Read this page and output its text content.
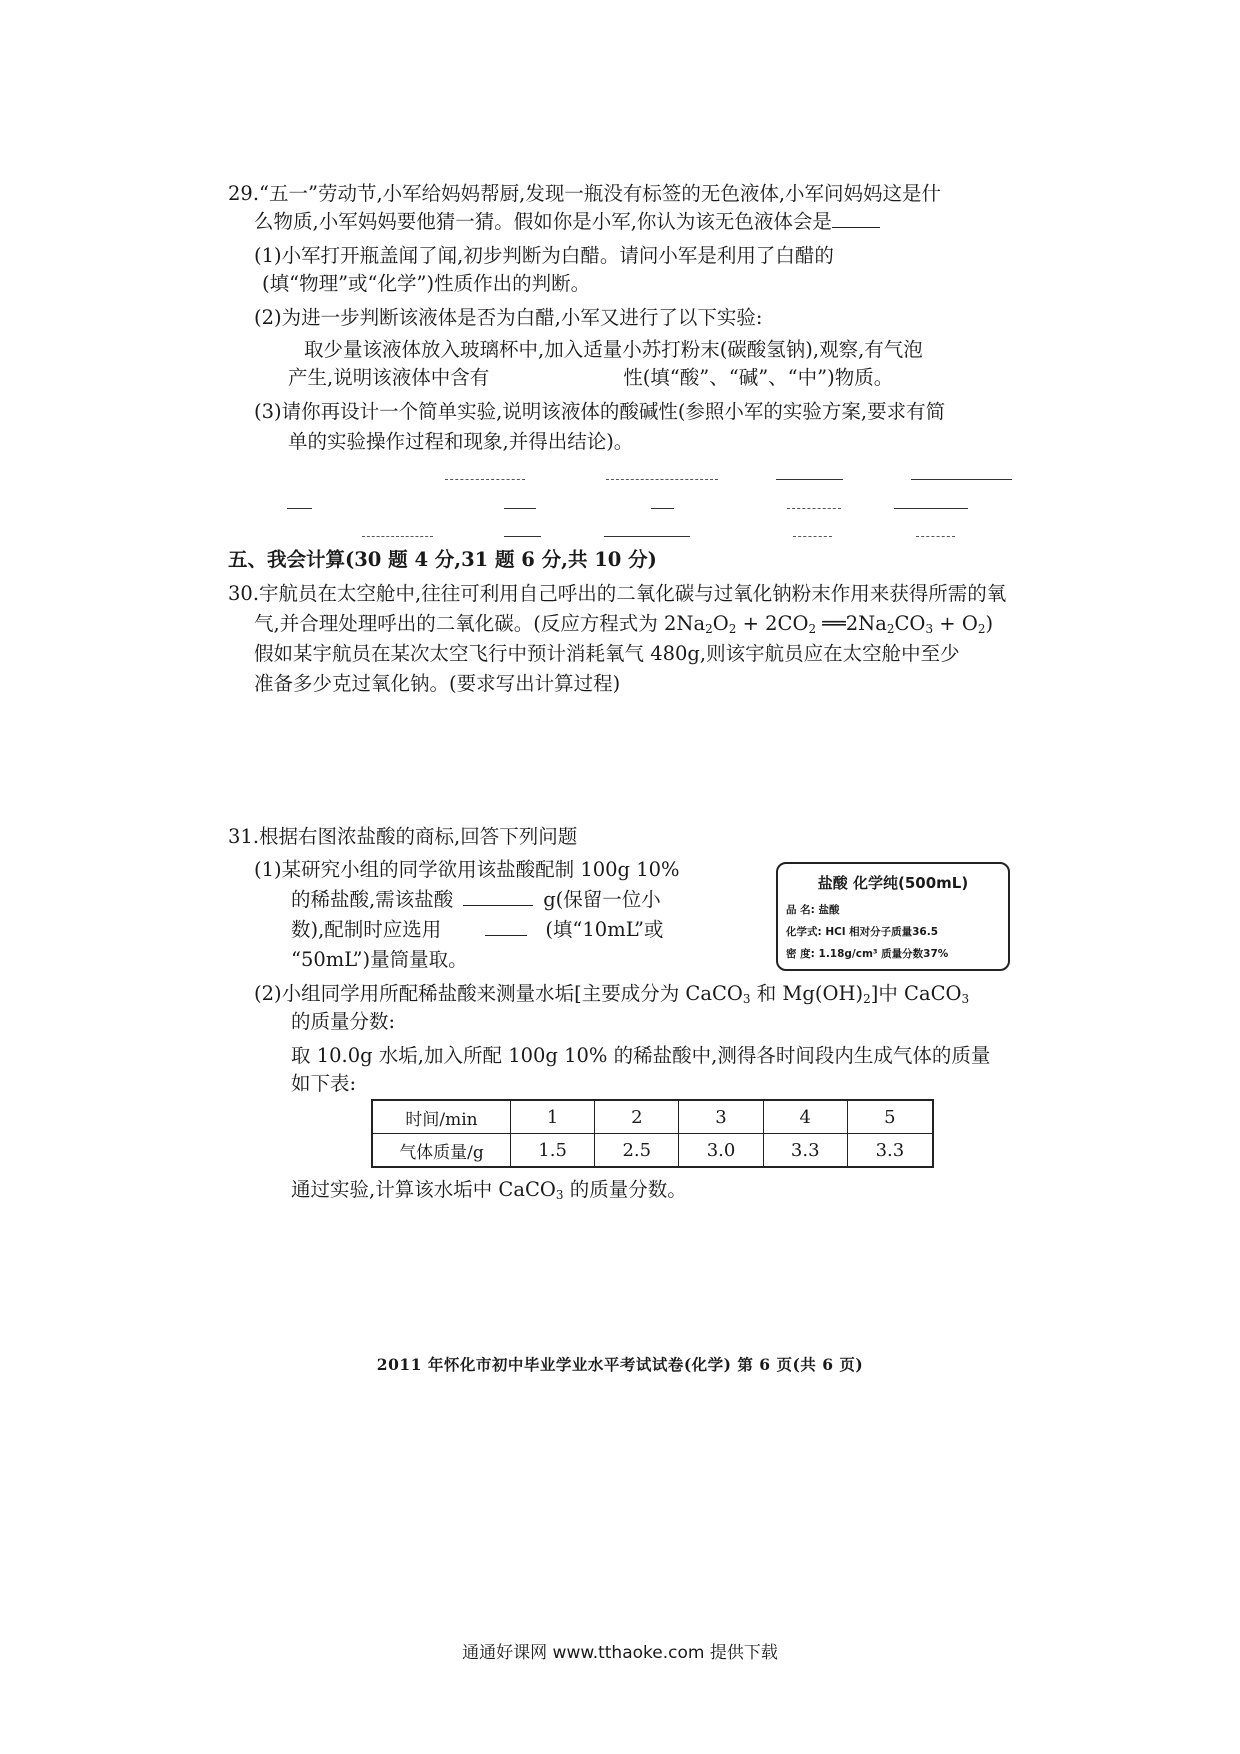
29.“五一”劳动节,小军给妈妈帮厨,发现一瓶没有标签的无色液体,小军问妈妈这是什
么物质,小军妈妈要他猜一猜。假如你是小军,你认为该无色液体会是
(1)小军打开瓶盖闻了闻,初步判断为白醋。请问小军是利用了白醋的
(填“物理”或“化学”)性质作出的判断。
(2)为进一步判断该液体是否为白醋,小军又进行了以下实验:
取少量该液体放入玻璃杯中,加入适量小苏打粉末(碳酸氢钠),观察,有气泡
产生,说明该液体中含有	性(填“酸”、“碱”、“中”)物质。
(3)请你再设计一个简单实验,说明该液体的酸碱性(参照小军的实验方案,要求有简
单的实验操作过程和现象,并得出结论)。
五、我会计算(30 题 4 分,31 题 6 分,共 10 分)
30.宇航员在太空舱中,往往可利用自己呼出的二氧化碳与过氧化钠粉末作用来获得所需的氧
气,并合理处理呼出的二氧化碳。(反应方程式为 $2Na_2O_2 + 2CO_2$ $══2Na_2CO_3 + O_2$)
假如某宇航员在某次太空飞行中预计消耗氧气 480g,则该宇航员应在太空舱中至少
准备多少克过氧化钠。(要求写出计算过程)
31.根据右图浓盐酸的商标,回答下列问题
(1)某研究小组的同学欲用该盐酸配制 100g 10%
的稀盐酸,需该盐酸	g(保留一位小
数),配制时应选用	(填“10mL”或
“50mL”)量筒量取。
盐酸 化学纯(500mL)
品 名: 盐酸
化学式: HCl 相对分子质量36.5
密 度: 1.18g/cm³ 质量分数37%
(2)小组同学用所配稀盐酸来测量水垢[主要成分为 CaCO$_3$ 和 $Mg(OH)_2$]中 CaCO$_3$
的质量分数:
取 10.0g 水垢,加入所配 100g 10% 的稀盐酸中,测得各时间段内生成气体的质量
如下表:
时间/min	1	2	3	4	5
气体质量/g	1.5	2.5	3.0	3.3	3.3
通过实验,计算该水垢中 CaCO$_3$ 的质量分数。
2011 年怀化市初中毕业学业水平考试试卷(化学) 第 6 页(共 6 页)
通通好课网 www.tthaoke.com 提供下载
